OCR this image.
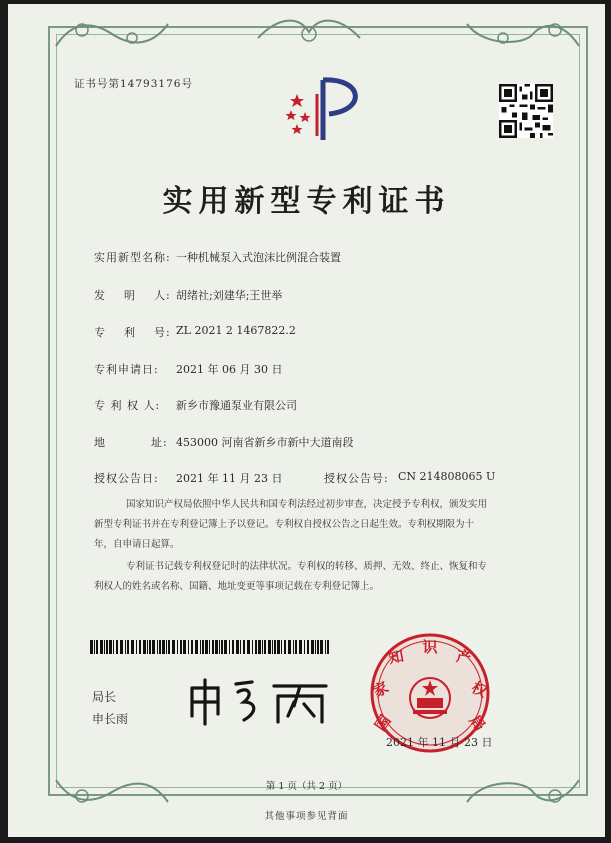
证书号第14793176号
实用新型专利证书
实用新型名称: 一种机械泵入式泡沫比例混合装置
发    明    人: 胡绪社;刘建华;王世举
专    利    号: ZL 2021 2 1467822.2
专利申请日: 2021 年 06 月 30 日
专 利 权 人: 新乡市豫通泵业有限公司
地          址: 453000 河南省新乡市新中大道南段
授权公告日: 2021 年 11 月 23 日	授权公告号: CN 214808065 U
国家知识产权局依照中华人民共和国专利法经过初步审查，决定授予专利权，颁发实用
新型专利证书并在专利登记簿上予以登记。专利权自授权公告之日起生效。专利权期限为十
年，自申请日起算。
专利证书记载专利权登记时的法律状况。专利权的转移、质押、无效、终止、恢复和专
利权人的姓名或名称、国籍、地址变更等事项记载在专利登记簿上。
局长
申长雨	国
家
知 识 产
权
局
2021 年 11 月 23 日
第 1 页（共 2 页）
其他事项参见背面
